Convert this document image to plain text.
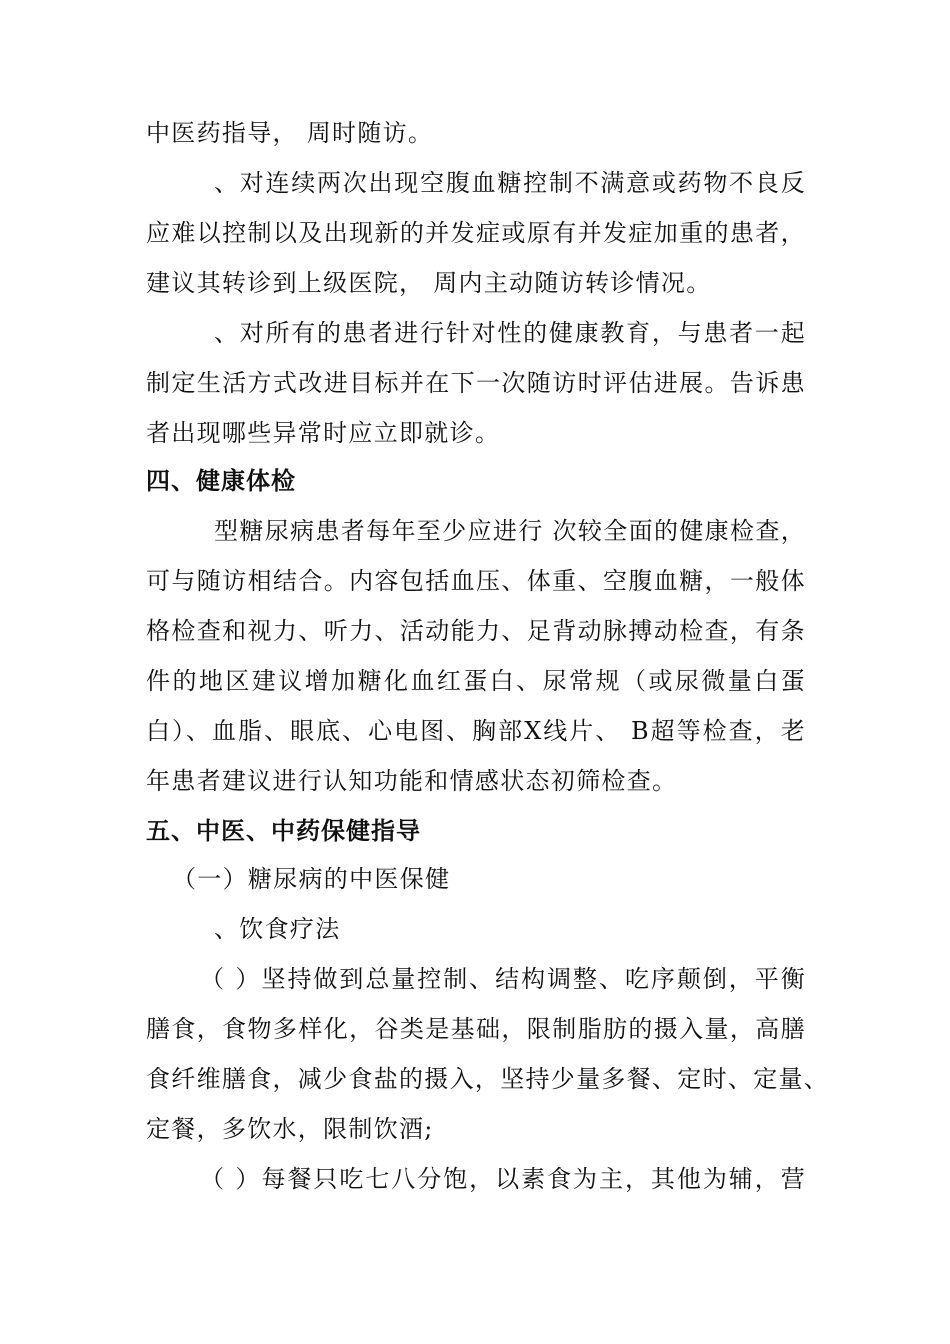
中医药指导， 周时随访。
、对连续两次出现空腹血糖控制不满意或药物不良反
应难以控制以及出现新的并发症或原有并发症加重的患者，
建议其转诊到上级医院， 周内主动随访转诊情况。
、对所有的患者进行针对性的健康教育，与患者一起
制定生活方式改进目标并在下一次随访时评估进展。告诉患
者出现哪些异常时应立即就诊。
四、健康体检
型糖尿病患者每年至少应进行 次较全面的健康检查，
可与随访相结合。内容包括血压、体重、空腹血糖，一般体
格检查和视力、听力、活动能力、足背动脉搏动检查，有条
件的地区建议增加糖化血红蛋白、尿常规（或尿微量白蛋
白）、血脂、眼底、心电图、胸部X线片、 B超等检查，老
年患者建议进行认知功能和情感状态初筛检查。
五、中医、中药保健指导
（一）糖尿病的中医保健
、饮食疗法
（ ）坚持做到总量控制、结构调整、吃序颠倒，平衡
膳食，食物多样化，谷类是基础，限制脂肪的摄入量，高膳
食纤维膳食，减少食盐的摄入，坚持少量多餐、定时、定量、
定餐，多饮水，限制饮酒;
（ ）每餐只吃七八分饱，以素食为主，其他为辅，营
